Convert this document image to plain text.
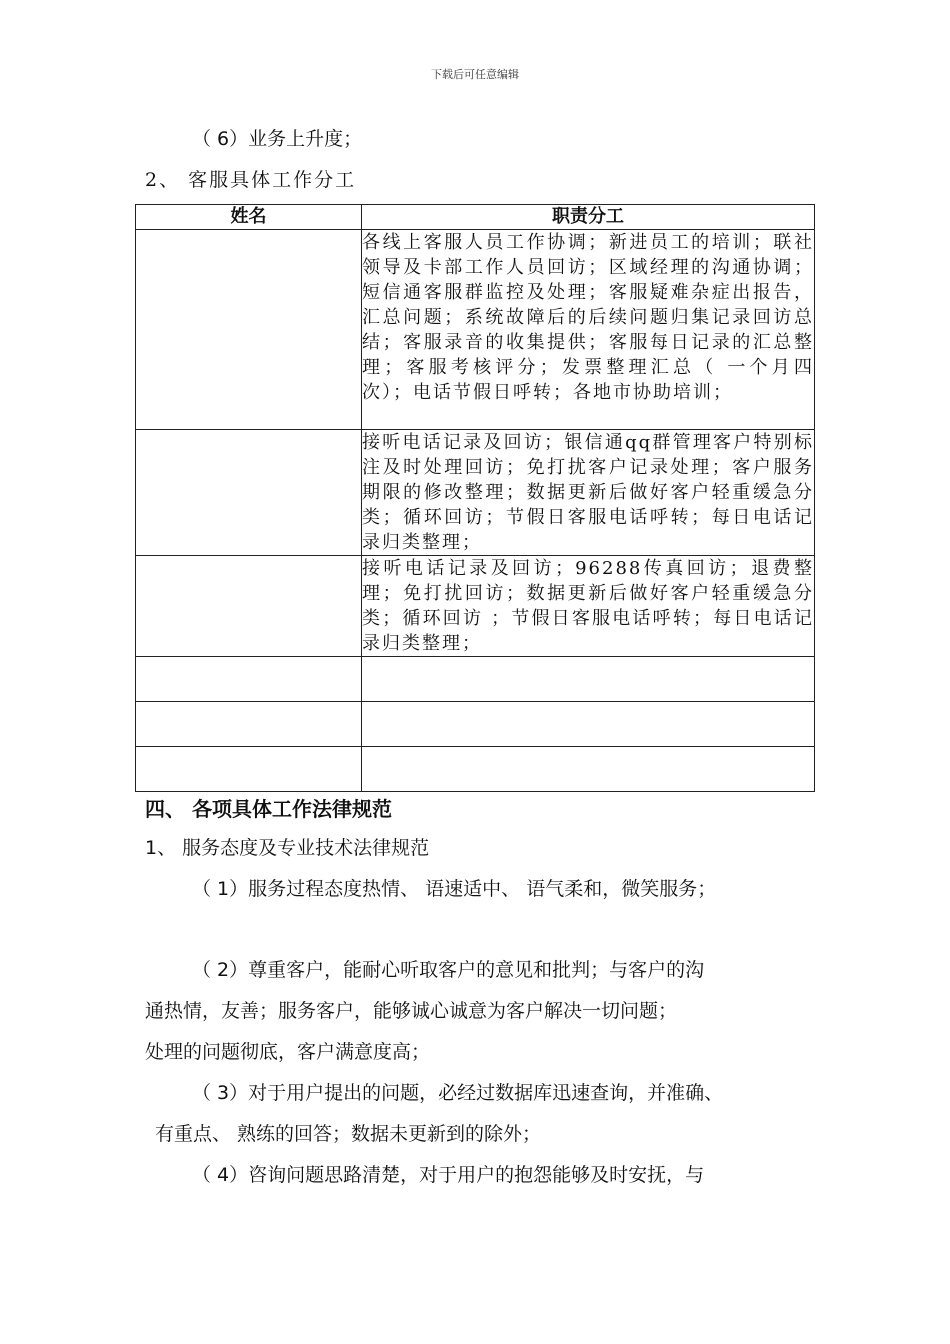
下载后可任意编辑
（ 6）业务上升度；
2、 客服具体工作分工
姓名	职责分工
	各线上客服人员工作协调；新进员工的培训；联社领导及卡部工作人员回访；区域经理的沟通协调；短信通客服群监控及处理；客服疑难杂症出报告，汇总问题；系统故障后的后续问题归集记录回访总结；客服录音的收集提供；客服每日记录的汇总整理；客服考核评分；发票整理汇总（ 一个月四次）；电话节假日呼转；各地市协助培训；
	接听电话记录及回访；银信通qq群管理客户特别标注及时处理回访；免打扰客户记录处理；客户服务期限的修改整理；数据更新后做好客户轻重缓急分类；循环回访；节假日客服电话呼转；每日电话记录归类整理；
	接听电话记录及回访；96288传真回访；退费整理；免打扰回访；数据更新后做好客户轻重缓急分类；循环回访 ；节假日客服电话呼转；每日电话记录归类整理；

四、 各项具体工作法律规范
1、 服务态度及专业技术法律规范
（ 1）服务过程态度热情、 语速适中、 语气柔和，微笑服务；
（ 2）尊重客户，能耐心听取客户的意见和批判；与客户的沟
通热情，友善；服务客户，能够诚心诚意为客户解决一切问题；
处理的问题彻底，客户满意度高；
（ 3）对于用户提出的问题，必经过数据库迅速查询，并准确、
有重点、 熟练的回答；数据未更新到的除外；
（ 4）咨询问题思路清楚，对于用户的抱怨能够及时安抚，与
